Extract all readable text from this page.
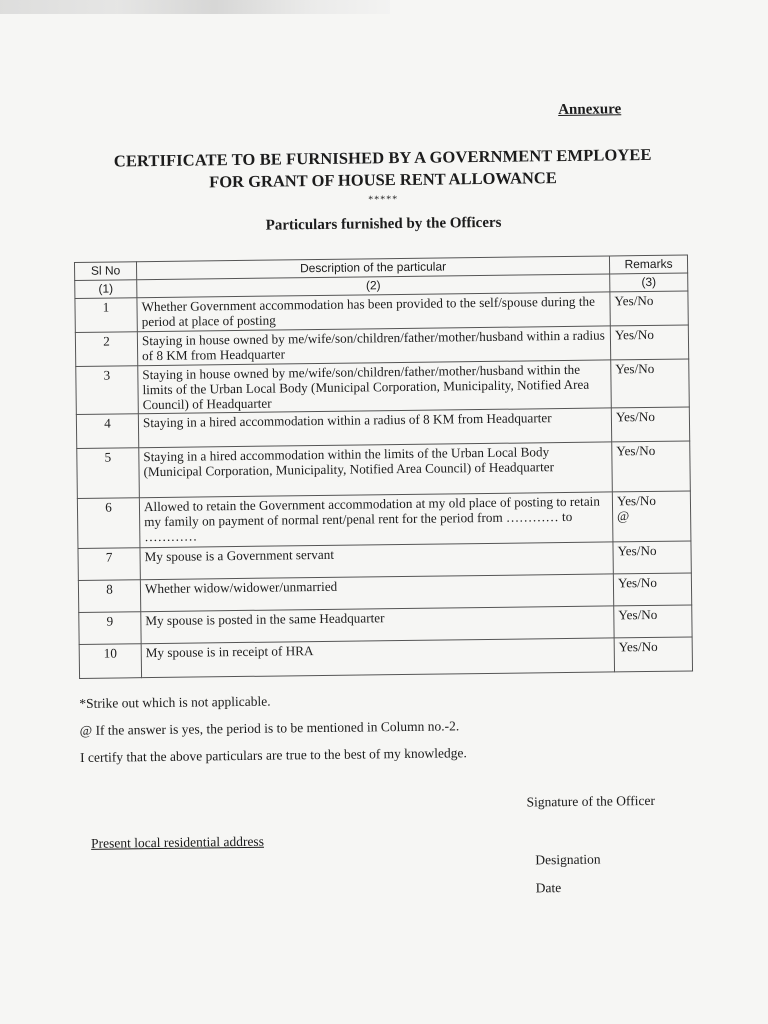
Annexure
CERTIFICATE TO BE FURNISHED BY A GOVERNMENT EMPLOYEE
FOR GRANT OF HOUSE RENT ALLOWANCE
*****
Particulars furnished by the Officers
Sl No	Description of the particular	Remarks
(1)	(2)	(3)
1	Whether Government accommodation has been provided to the self/spouse during the period at place of posting	Yes/No
2	Staying in house owned by me/wife/son/children/father/mother/husband within a radius of 8 KM from Headquarter	Yes/No
3	Staying in house owned by me/wife/son/children/father/mother/husband within the limits of the Urban Local Body (Municipal Corporation, Municipality, Notified Area Council) of Headquarter	Yes/No
4	Staying in a hired accommodation within a radius of 8 KM from Headquarter	Yes/No
5	Staying in a hired accommodation within the limits of the Urban Local Body (Municipal Corporation, Municipality, Notified Area Council) of Headquarter	Yes/No
6	Allowed to retain the Government accommodation at my old place of posting to retain my family on payment of normal rent/penal rent for the period from ………… to …………	Yes/No
@
7	My spouse is a Government servant	Yes/No
8	Whether widow/widower/unmarried	Yes/No
9	My spouse is posted in the same Headquarter	Yes/No
10	My spouse is in receipt of HRA	Yes/No

*Strike out which is not applicable.

@ If the answer is yes, the period is to be mentioned in Column no.-2.

I certify that the above particulars are true to the best of my knowledge.

Signature of the Officer
Present local residential address
Designation
Date
